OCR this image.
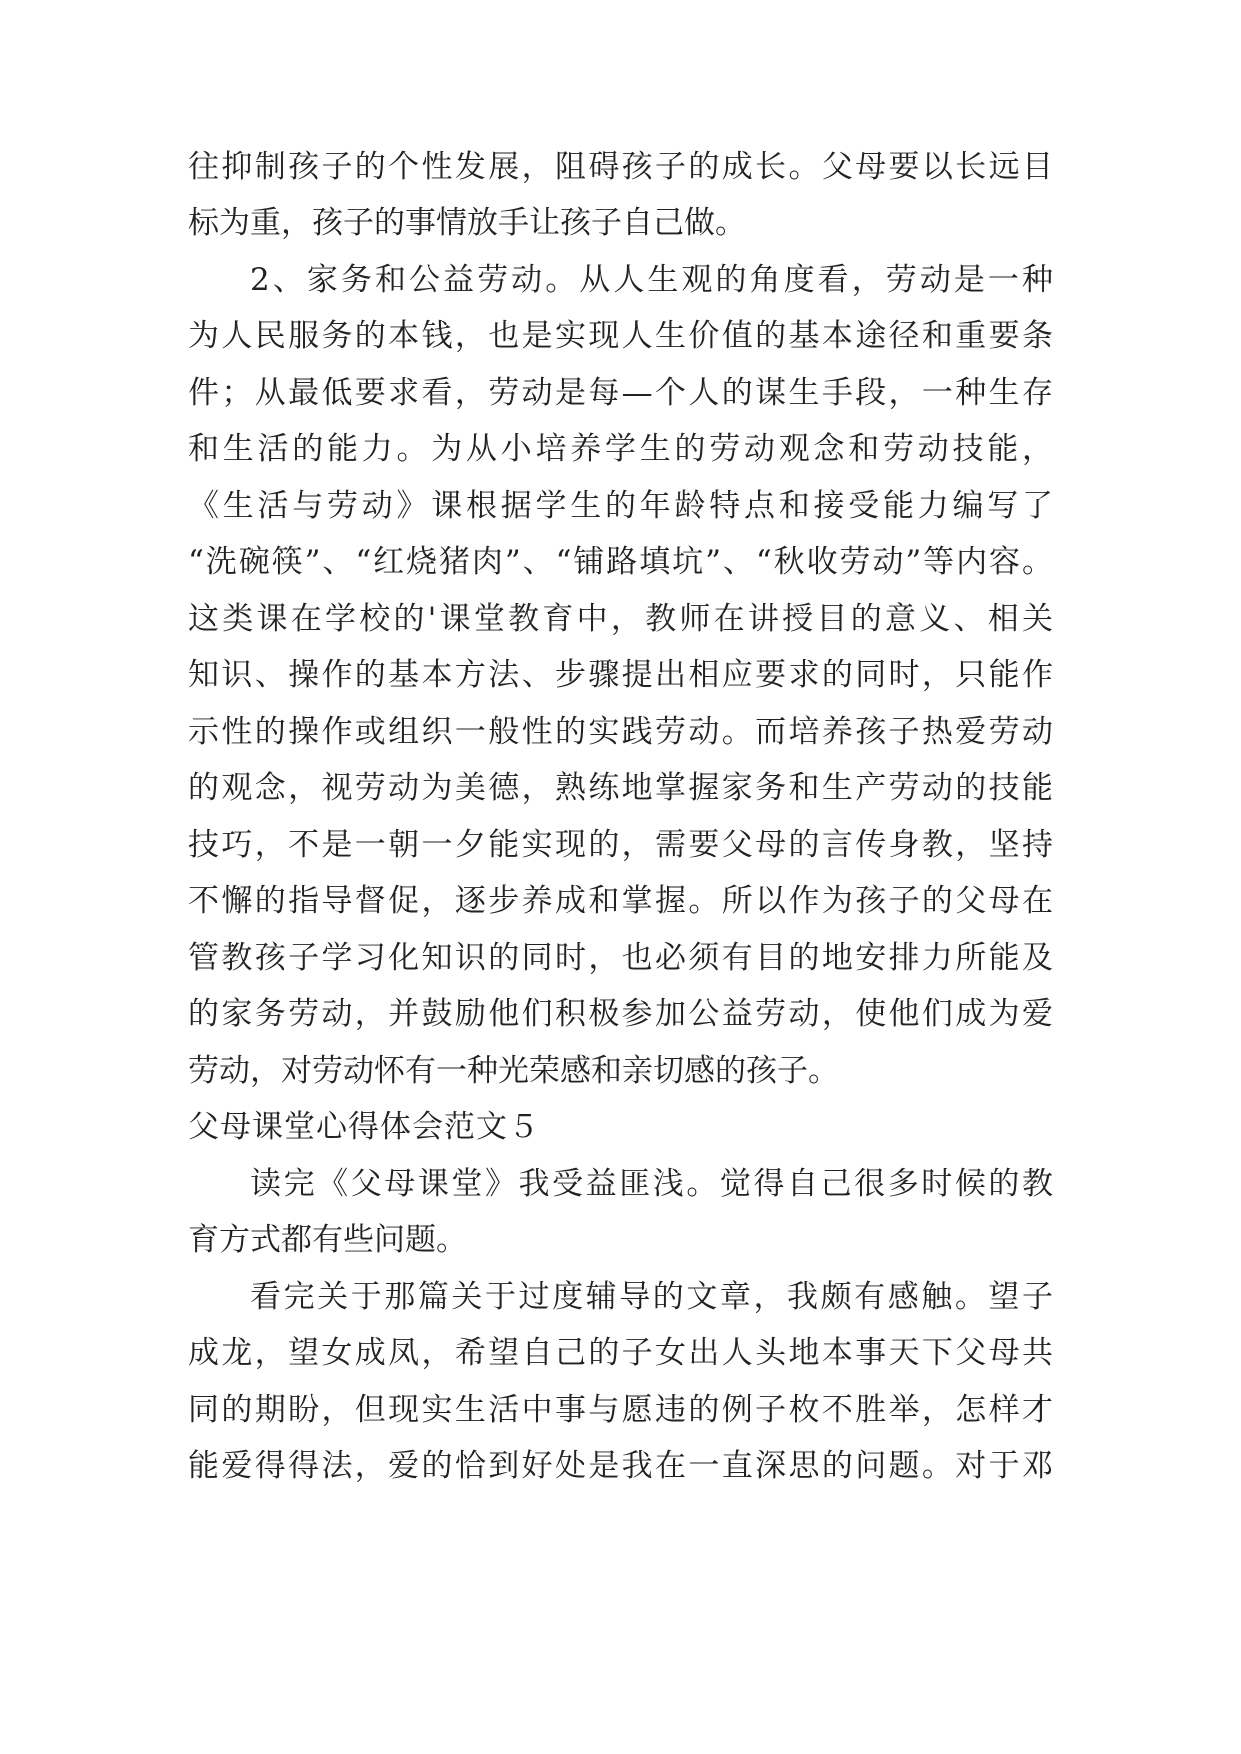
往抑制孩子的个性发展，阻碍孩子的成长。父母要以长远目
标为重，孩子的事情放手让孩子自己做。
2、家务和公益劳动。从人生观的角度看，劳动是一种
为人民服务的本钱，也是实现人生价值的基本途径和重要条
件；从最低要求看，劳动是每—个人的谋生手段，一种生存
和生活的能力。为从小培养学生的劳动观念和劳动技能，
《生活与劳动》课根据学生的年龄特点和接受能力编写了
“洗碗筷”、“红烧猪肉”、“铺路填坑”、“秋收劳动”等内容。
这类课在学校的'课堂教育中，教师在讲授目的意义、相关
知识、操作的基本方法、步骤提出相应要求的同时，只能作
示性的操作或组织一般性的实践劳动。而培养孩子热爱劳动
的观念，视劳动为美德，熟练地掌握家务和生产劳动的技能
技巧，不是一朝一夕能实现的，需要父母的言传身教，坚持
不懈的指导督促，逐步养成和掌握。所以作为孩子的父母在
管教孩子学习化知识的同时，也必须有目的地安排力所能及
的家务劳动，并鼓励他们积极参加公益劳动，使他们成为爱
劳动，对劳动怀有一种光荣感和亲切感的孩子。
父母课堂心得体会范文５
读完《父母课堂》我受益匪浅。觉得自己很多时候的教
育方式都有些问题。
看完关于那篇关于过度辅导的文章，我颇有感触。望子
成龙，望女成凤，希望自己的子女出人头地本事天下父母共
同的期盼，但现实生活中事与愿违的例子枚不胜举，怎样才
能爱得得法，爱的恰到好处是我在一直深思的问题。对于邓
